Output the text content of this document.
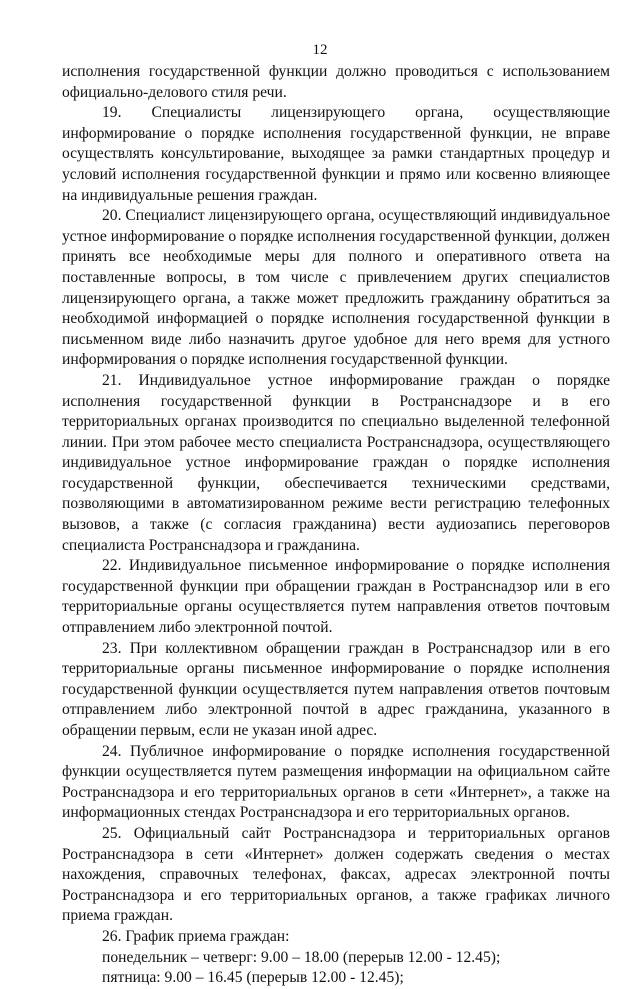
12

исполнения государственной функции должно проводиться с использованием официально-делового стиля речи.

19. Специалисты лицензирующего органа, осуществляющие информирование о порядке исполнения государственной функции, не вправе осуществлять консультирование, выходящее за рамки стандартных процедур и условий исполнения государственной функции и прямо или косвенно влияющее на индивидуальные решения граждан.

20. Специалист лицензирующего органа, осуществляющий индивидуальное устное информирование о порядке исполнения государственной функции, должен принять все необходимые меры для полного и оперативного ответа на поставленные вопросы, в том числе с привлечением других специалистов лицензирующего органа, а также может предложить гражданину обратиться за необходимой информацией о порядке исполнения государственной функции в письменном виде либо назначить другое удобное для него время для устного информирования о порядке исполнения государственной функции.

21. Индивидуальное устное информирование граждан о порядке исполнения государственной функции в Ространснадзоре и в его территориальных органах производится по специально выделенной телефонной линии. При этом рабочее место специалиста Ространснадзора, осуществляющего индивидуальное устное информирование граждан о порядке исполнения государственной функции, обеспечивается техническими средствами, позволяющими в автоматизированном режиме вести регистрацию телефонных вызовов, а также (с согласия гражданина) вести аудиозапись переговоров специалиста Ространснадзора и гражданина.

22. Индивидуальное письменное информирование о порядке исполнения государственной функции при обращении граждан в Ространснадзор или в его территориальные органы осуществляется путем направления ответов почтовым отправлением либо электронной почтой.

23. При коллективном обращении граждан в Ространснадзор или в его территориальные органы письменное информирование о порядке исполнения государственной функции осуществляется путем направления ответов почтовым отправлением либо электронной почтой в адрес гражданина, указанного в обращении первым, если не указан иной адрес.

24. Публичное информирование о порядке исполнения государственной функции осуществляется путем размещения информации на официальном сайте Ространснадзора и его территориальных органов в сети «Интернет», а также на информационных стендах Ространснадзора и его территориальных органов.

25. Официальный сайт Ространснадзора и территориальных органов Ространснадзора в сети «Интернет» должен содержать сведения о местах нахождения, справочных телефонах, факсах, адресах электронной почты Ространснадзора и его территориальных органов, а также графиках личного приема граждан.

26. График приема граждан:

понедельник – четверг: 9.00 – 18.00 (перерыв 12.00 - 12.45);

пятница: 9.00 – 16.45 (перерыв 12.00 - 12.45);
